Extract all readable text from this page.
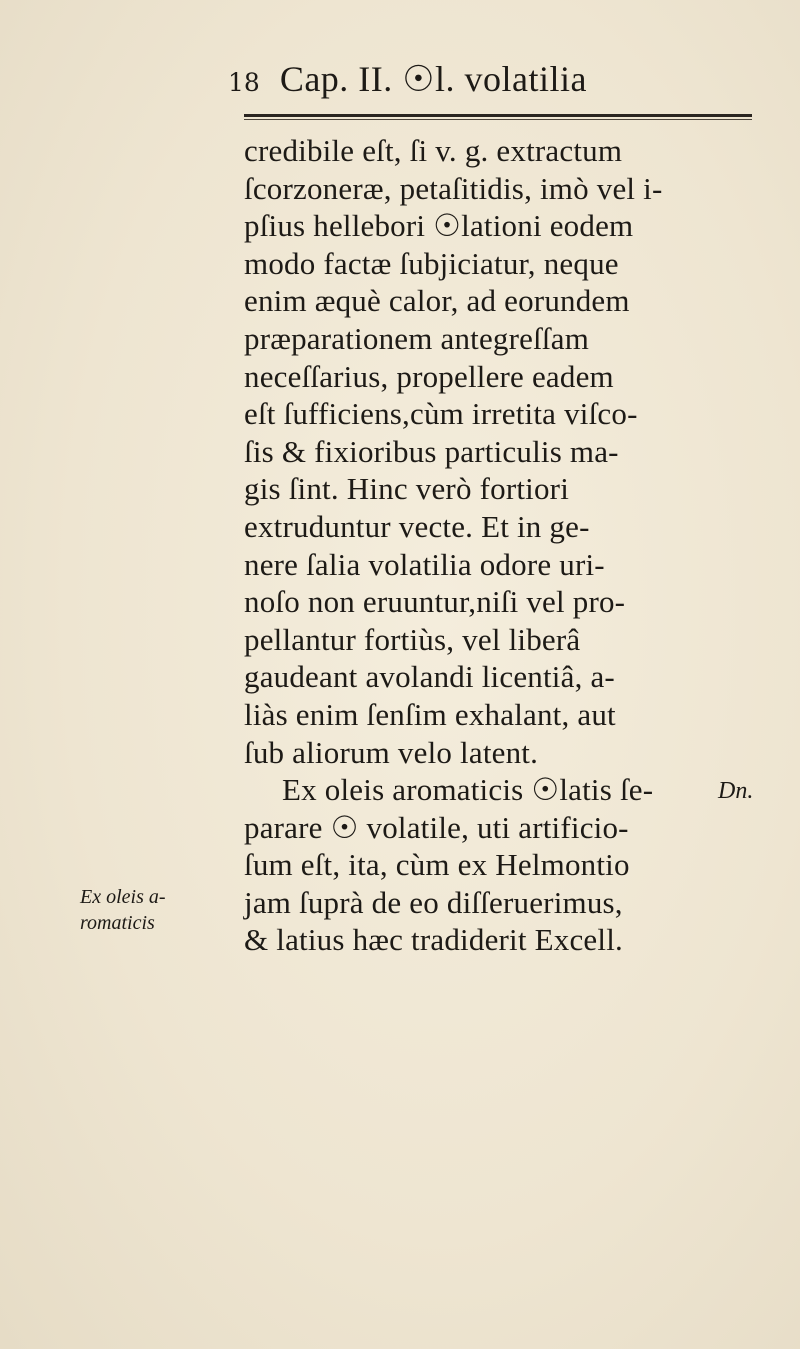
18 Cap. II. ☉l. volatilia
credibile eſt, ſi v. g. extractum
ſcorzoneræ, petaſitidis, imò vel i-
pſius hellebori ☉lationi eodem
modo factæ ſubjiciatur, neque
enim æquè calor, ad eorundem
præparationem antegreſſam
neceſſarius, propellere eadem
eſt ſufficiens,cùm irretita viſco-
ſis & fixioribus particulis ma-
gis ſint. Hinc verò fortiori
extruduntur vecte. Et in ge-
nere ſalia volatilia odore uri-
noſo non eruuntur,niſi vel pro-
pellantur fortiùs, vel liberâ
gaudeant avolandi licentiâ, a-
liàs enim ſenſim exhalant, aut
ſub aliorum velo latent.
Ex oleis aromaticis ☉latis ſe-
parare ☉ volatile, uti artificio-
ſum eſt, ita, cùm ex Helmontio
jam ſuprà de eo diſſeruerimus,
& latius hæc tradiderit Excell.
Dn.
Ex oleis a-
romaticis
